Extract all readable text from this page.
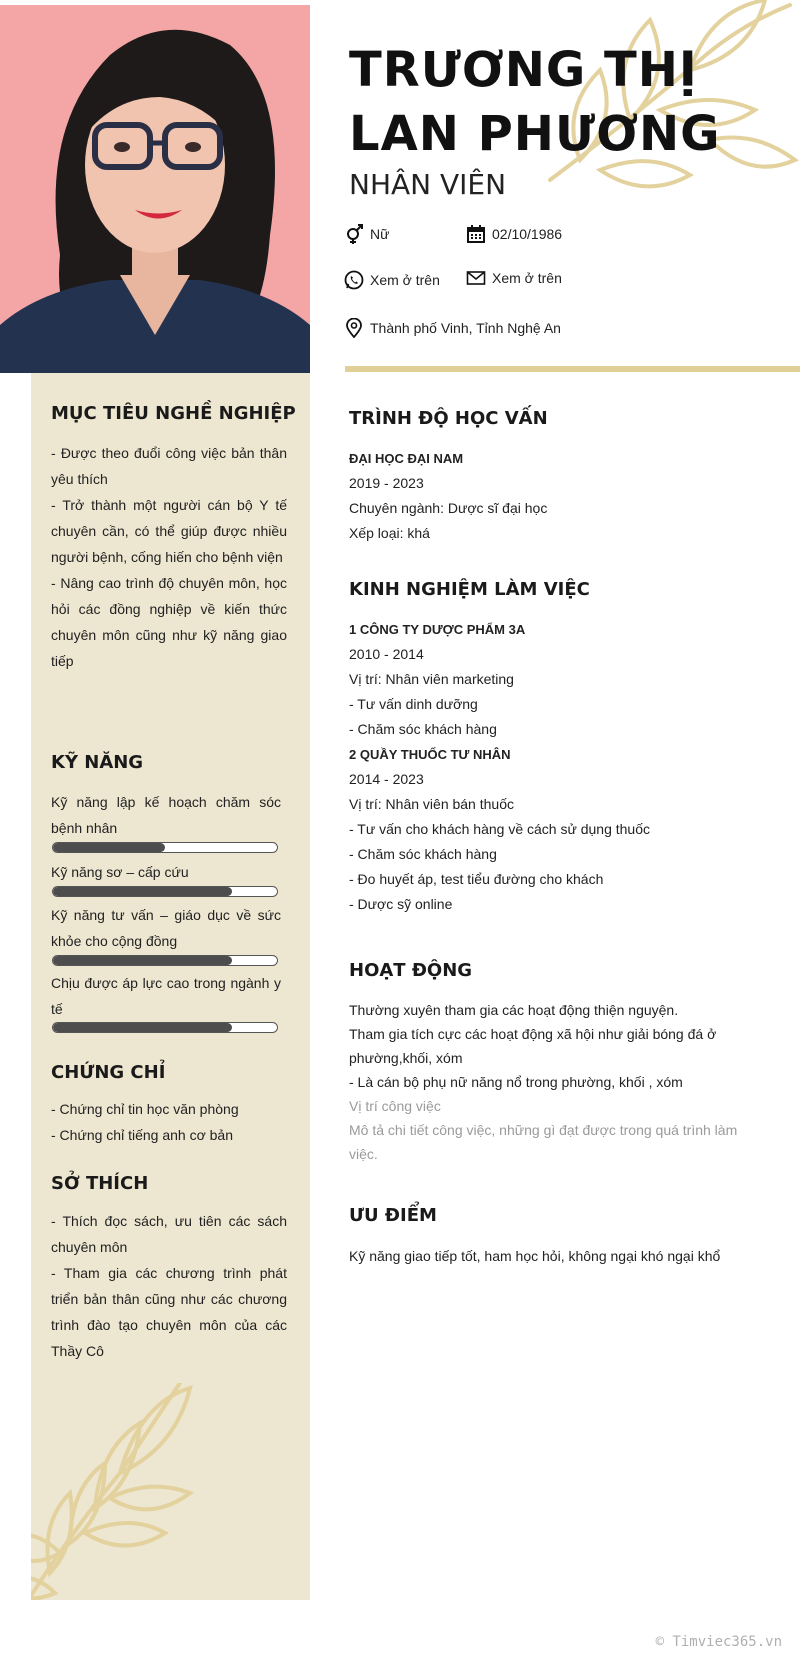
TRƯƠNG THỊ
LAN PHƯƠNG
NHÂN VIÊN
Nữ	02/10/1986
Xem ở trên	Xem ở trên
Thành phố Vinh, Tỉnh Nghệ An
MỤC TIÊU NGHỀ NGHIỆP
- Được theo đuổi công việc bản thân yêu thích
- Trở thành một người cán bộ Y tế chuyên cần, có thể giúp được nhiều người bệnh, cống hiến cho bệnh viện
- Nâng cao trình độ chuyên môn, học hỏi các đồng nghiệp về kiến thức chuyên môn cũng như kỹ năng giao tiếp
KỸ NĂNG
Kỹ năng lập kế hoạch chăm sóc bệnh nhân
Kỹ năng sơ – cấp cứu
Kỹ năng tư vấn – giáo dục về sức khỏe cho cộng đồng
Chịu được áp lực cao trong ngành y tế
CHỨNG CHỈ
- Chứng chỉ tin học văn phòng
- Chứng chỉ tiếng anh cơ bản
SỞ THÍCH
- Thích đọc sách, ưu tiên các sách chuyên môn
- Tham gia các chương trình phát triển bản thân cũng như các chương trình đào tạo chuyên môn của các Thầy Cô
TRÌNH ĐỘ HỌC VẤN
ĐẠI HỌC ĐẠI NAM
2019 - 2023
Chuyên ngành: Dược sĩ đại học
Xếp loại: khá
KINH NGHIỆM LÀM VIỆC
1 CÔNG TY DƯỢC PHẨM 3A
2010 - 2014
Vị trí: Nhân viên marketing
- Tư vấn dinh dưỡng
- Chăm sóc khách hàng
2 QUẦY THUỐC TƯ NHÂN
2014 - 2023
Vị trí: Nhân viên bán thuốc
- Tư vấn cho khách hàng về cách sử dụng thuốc
- Chăm sóc khách hàng
- Đo huyết áp, test tiểu đường cho khách
- Dược sỹ online
HOẠT ĐỘNG
Thường xuyên tham gia các hoạt động thiện nguyện.
Tham gia tích cực các hoạt động xã hội như giải bóng đá ở phường,khối, xóm
- Là cán bộ phụ nữ năng nổ trong phường, khối , xóm
Vị trí công việc
Mô tả chi tiết công việc, những gì đạt được trong quá trình làm việc.
ƯU ĐIỂM
Kỹ năng giao tiếp tốt, ham học hỏi, không ngại khó ngại khổ
© Timviec365.vn
